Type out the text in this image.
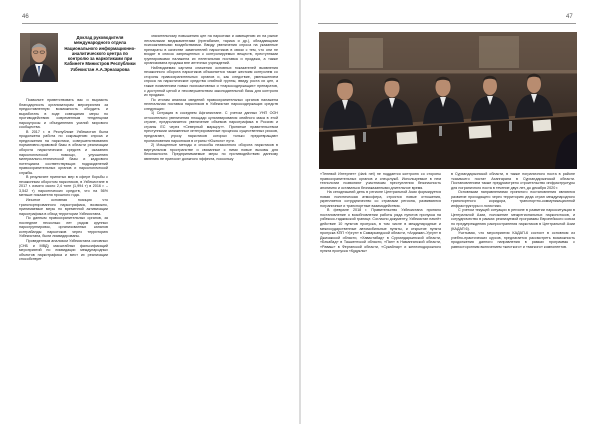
46
Доклад руководителя международного отдела Национального информационно-аналитического центра по контролю за наркотиками при Кабинете Министров Республики Узбекистан А.А.Эрназарова

Позвольте приветствовать вас и выразить благодарность организаторам мероприятия за предоставленную возможность обсудить и выработать в ходе совещания меры по противодействию современным тенденциям наркоугрозы и объединению усилий мирового сообщества.

В 2017 г. в Республике Узбекистан была продолжена работа по сокращению спроса и предложения на наркотики, совершенствованию нормативно-правовой базы в области реализации оборота наркотических средств и оказанию наркологической помощи, улучшению материально-технической базы и кадрового потенциала соответствующих подразделений правоохранительных органов и наркологической службы.

В результате принятых мер в сфере борьбы с незаконным оборотом наркотиков, в Узбекистане в 2017 г. изъято около 2,4 тонн (1,994 т) в 2016 г. – 3,542 т) наркотических средств, что на 56% меньше показателя прошлого года.

Изъятое основная позиция что транспортированного наркотрафика, возможно, принимаемые меры по временной активизации наркотрафика в обход территории Узбекистана.

По данным правоохранительных органов, за последние несколько лет рядом крупных наркогруппировок, организованных каналов контрабанды наркотиков через территорию Узбекистана, были ликвидированы.

Проведенным анализом Узбекистана основных (СНБ и МВД) масштабных фальсификаций мероприятий по ликвидации международных объектов наркотрафика и мест их реализации способствует

значительному повышению цен на наркотики и замещению их на рынке легальными медикаментами (прегабалин, тарика и др.), обладающими психоактивными воздействиями. Ввиду увеличения спроса на указанные препараты в качестве заменителей наркотиков в связи с тем, что они не входят в список запрещенных к контролируемых веществ, преступными группировками налажена их нелегальная поставка и продажа, а также организована продажа вне аптечных учреждений.

Наблюдаемая картина снижения основных показателей выявления незаконного оборота наркотиков объясняется также жестким контролем со стороны правоохранительных органов и, как следствие, уменьшением спроса на наркотические средства опийной группы, ввиду роста их цен, а также появлением новых психоактивных и «наркосодержащих» препаратов, с доступной ценой и несовершенством законодательной базы для контроля их продажи.

По итогам анализа сведений правоохранительных органов налажена нелегальная поставка наркотиков в Узбекистан наркосодержащих средств следующих:

1) Ситуация в соседнем Афганистане. С учетом данных УНП ООН относительно увеличения площади культивирования опийного мака в этой стране, предполагается увеличение объемов наркотрафика в Россию и страны ЕС через «Северный маршрут». Принятые правительством преступными заниженные интегрированные процессы существенных рисков, предлагают, угрозу наркотиков которых только предотвращают проникновения наркотиков в страны «Южного» пути.

2) Изъщенные методы и способы незаконного оборота наркотиков в виртуальном пространстве и связанные с ними новые вызовы для безопасности. Предпринимаемые меры по противодействию данному явлению не приносят должного эффекта, поскольку

47

«Теневой Интернет» (dark net) не поддается контролю со стороны правоохранительных органов и спецслужб. Используемые в нем технологии позволяют участникам преступления безопасность анонимно и оставаться безнаказанными длительное время.

На сегодняшний день в регионе Центральной Азии формируется новая политическая атмосфера, строятся новые отношения, укрепляется сотрудничество со странами региона, развиваются пограничные и транспортные взаимодействия.

В феврале 2018 г. Правительство Узбекистана приняло постановление о возобновлении работы ряда пунктов пропуска на узбекско-таджикской границе. Согласно документу, Узбекистан начнёт действие 10 пунктов пропуска, в том числе в международные и межгосударственные автомобильные пункты, и открытие пункта пропуска КПП «Ургуп» в Самаркандской области, «Андижан–Ургуп» в Джизакской области, «Хавастабад» в Сурхандарьинской области, «Бекабад» в Ташкентской области, «Пап» в Наманганской области, «Раваш» в Ферганской области, «Сукайлар» и железнодорожного пункта пропуска «Кудуклы»

в Сурхандарьинской области, в также пограничного поста в районе «казачьего поста» Ахангарана в Сурхандарьинской области. Постановлением также предусмотрено строительство инфраструктуры для пограничного поста в течение двух лет, до декабря 2020 г.

Основными направлениями принятого постановления являются развитие проходящего через территорию деда стран международного транспортного коридора, транспортно-коммуникационной инфраструктуры и логистики.

С учетом текущей ситуации в регионе в развитии наркоситуации в Центральной Азии, положение межрегиональных наркопотоков, и сотрудничество в рамках реализуемой программы Европейского союза по предупреждению распространения наркотиков в Центральной Азии (КАДАП 6).

Учитывая, что мероприятия КАДАП-6 состоит в основном из учебно-практических курсов, предлагается рассмотреть возможность продолжения данного направления в рамках программы с равносторонним включением «жесткого» и «мягкого» компонентов.
